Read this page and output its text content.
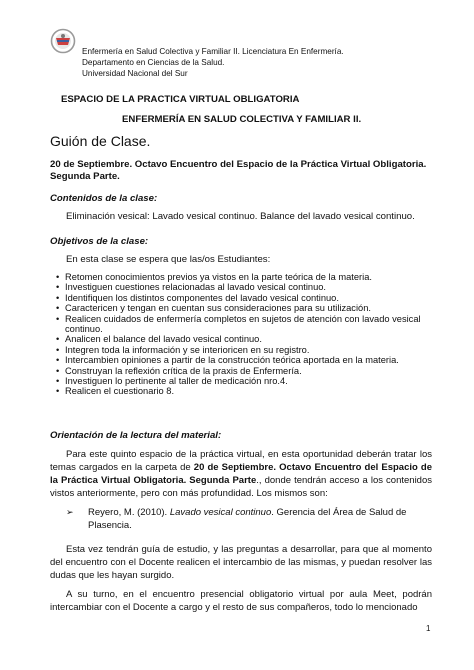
Enfermería en Salud Colectiva y Familiar II. Licenciatura En Enfermería.
Departamento en Ciencias de la Salud.
Universidad Nacional del Sur
ESPACIO DE LA PRACTICA VIRTUAL OBLIGATORIA
ENFERMERÍA EN SALUD COLECTIVA Y FAMILIAR II.
Guión de Clase.
20 de Septiembre. Octavo Encuentro del Espacio de la Práctica Virtual Obligatoria. Segunda Parte.
Contenidos de la clase:
Eliminación vesical: Lavado vesical continuo. Balance del lavado vesical continuo.
Objetivos de la clase:
En esta clase se espera que las/os Estudiantes:
• Retomen conocimientos previos ya vistos en la parte teórica de la materia.
• Investiguen cuestiones relacionadas al lavado vesical continuo.
• Identifiquen los distintos componentes del lavado vesical continuo.
• Caractericen y tengan en cuentan sus consideraciones para su utilización.
• Realicen cuidados de enfermería completos en sujetos de atención con lavado vesical continuo.
• Analicen el balance del lavado vesical continuo.
• Integren toda la información y se interioricen en su registro.
• Intercambien opiniones a partir de la construcción teórica aportada en la materia.
• Construyan la reflexión crítica de la praxis de Enfermería.
• Investiguen lo pertinente al taller de medicación nro.4.
• Realicen el cuestionario 8.
Orientación de la lectura del material:

Para este quinto espacio de la práctica virtual, en esta oportunidad deberán tratar los temas cargados en la carpeta de 20 de Septiembre. Octavo Encuentro del Espacio de la Práctica Virtual Obligatoria. Segunda Parte., donde tendrán acceso a los contenidos vistos anteriormente, pero con más profundidad. Los mismos son:

➢	Reyero, M. (2010). Lavado vesical continuo. Gerencia del Área de Salud de Plasencia.

Esta vez tendrán guía de estudio, y las preguntas a desarrollar, para que al momento del encuentro con el Docente realicen el intercambio de las mismas, y puedan resolver las dudas que les hayan surgido.

A su turno, en el encuentro presencial obligatorio virtual por aula Meet, podrán intercambiar con el Docente a cargo y el resto de sus compañeros, todo lo mencionado

1
